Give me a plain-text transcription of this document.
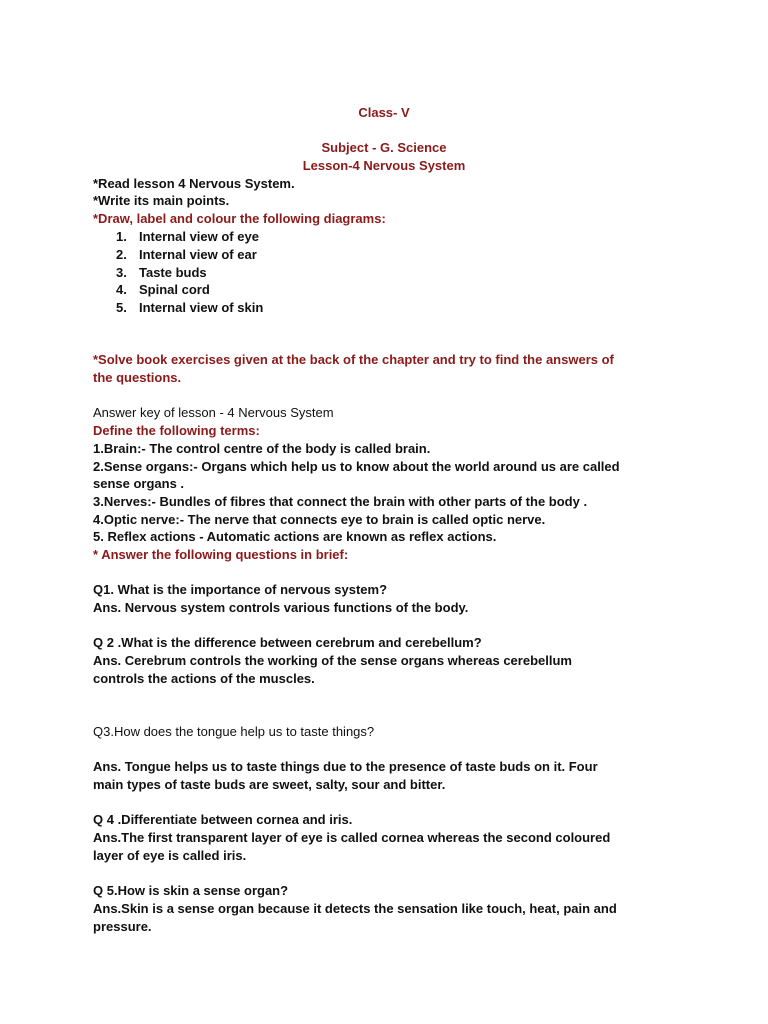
Class- V
Subject - G. Science
Lesson-4 Nervous System
*Read lesson 4 Nervous System.
*Write its main points.
*Draw, label and colour the following diagrams:
1. Internal view of eye
2. Internal view of ear
3. Taste buds
4. Spinal cord
5. Internal view of skin
*Solve book exercises given at the back of the chapter and try to find the answers of
the questions.
Answer key of lesson - 4 Nervous System
Define the following terms:
1.Brain:- The control centre of the body is called brain.
2.Sense organs:- Organs which help us to know about the world around us are called
sense organs .
3.Nerves:- Bundles of fibres that connect the brain with other parts of the body .
4.Optic nerve:- The nerve that connects eye to brain is called optic nerve.
5. Reflex actions - Automatic actions are known as reflex actions.
* Answer the following questions in brief:
Q1. What is the importance of nervous system?
Ans. Nervous system controls various functions of the body.
Q 2 .What is the difference between cerebrum and cerebellum?
Ans. Cerebrum controls the working of the sense organs whereas cerebellum
controls the actions of the muscles.
Q3.How does the tongue help us to taste things?
Ans. Tongue helps us to taste things due to the presence of taste buds on it. Four
main types of taste buds are sweet, salty, sour and bitter.
Q 4 .Differentiate between cornea and iris.
Ans.The first transparent layer of eye is called cornea whereas the second coloured
layer of eye is called iris.
Q 5.How is skin a sense organ?
Ans.Skin is a sense organ because it detects the sensation like touch, heat, pain and
pressure.
